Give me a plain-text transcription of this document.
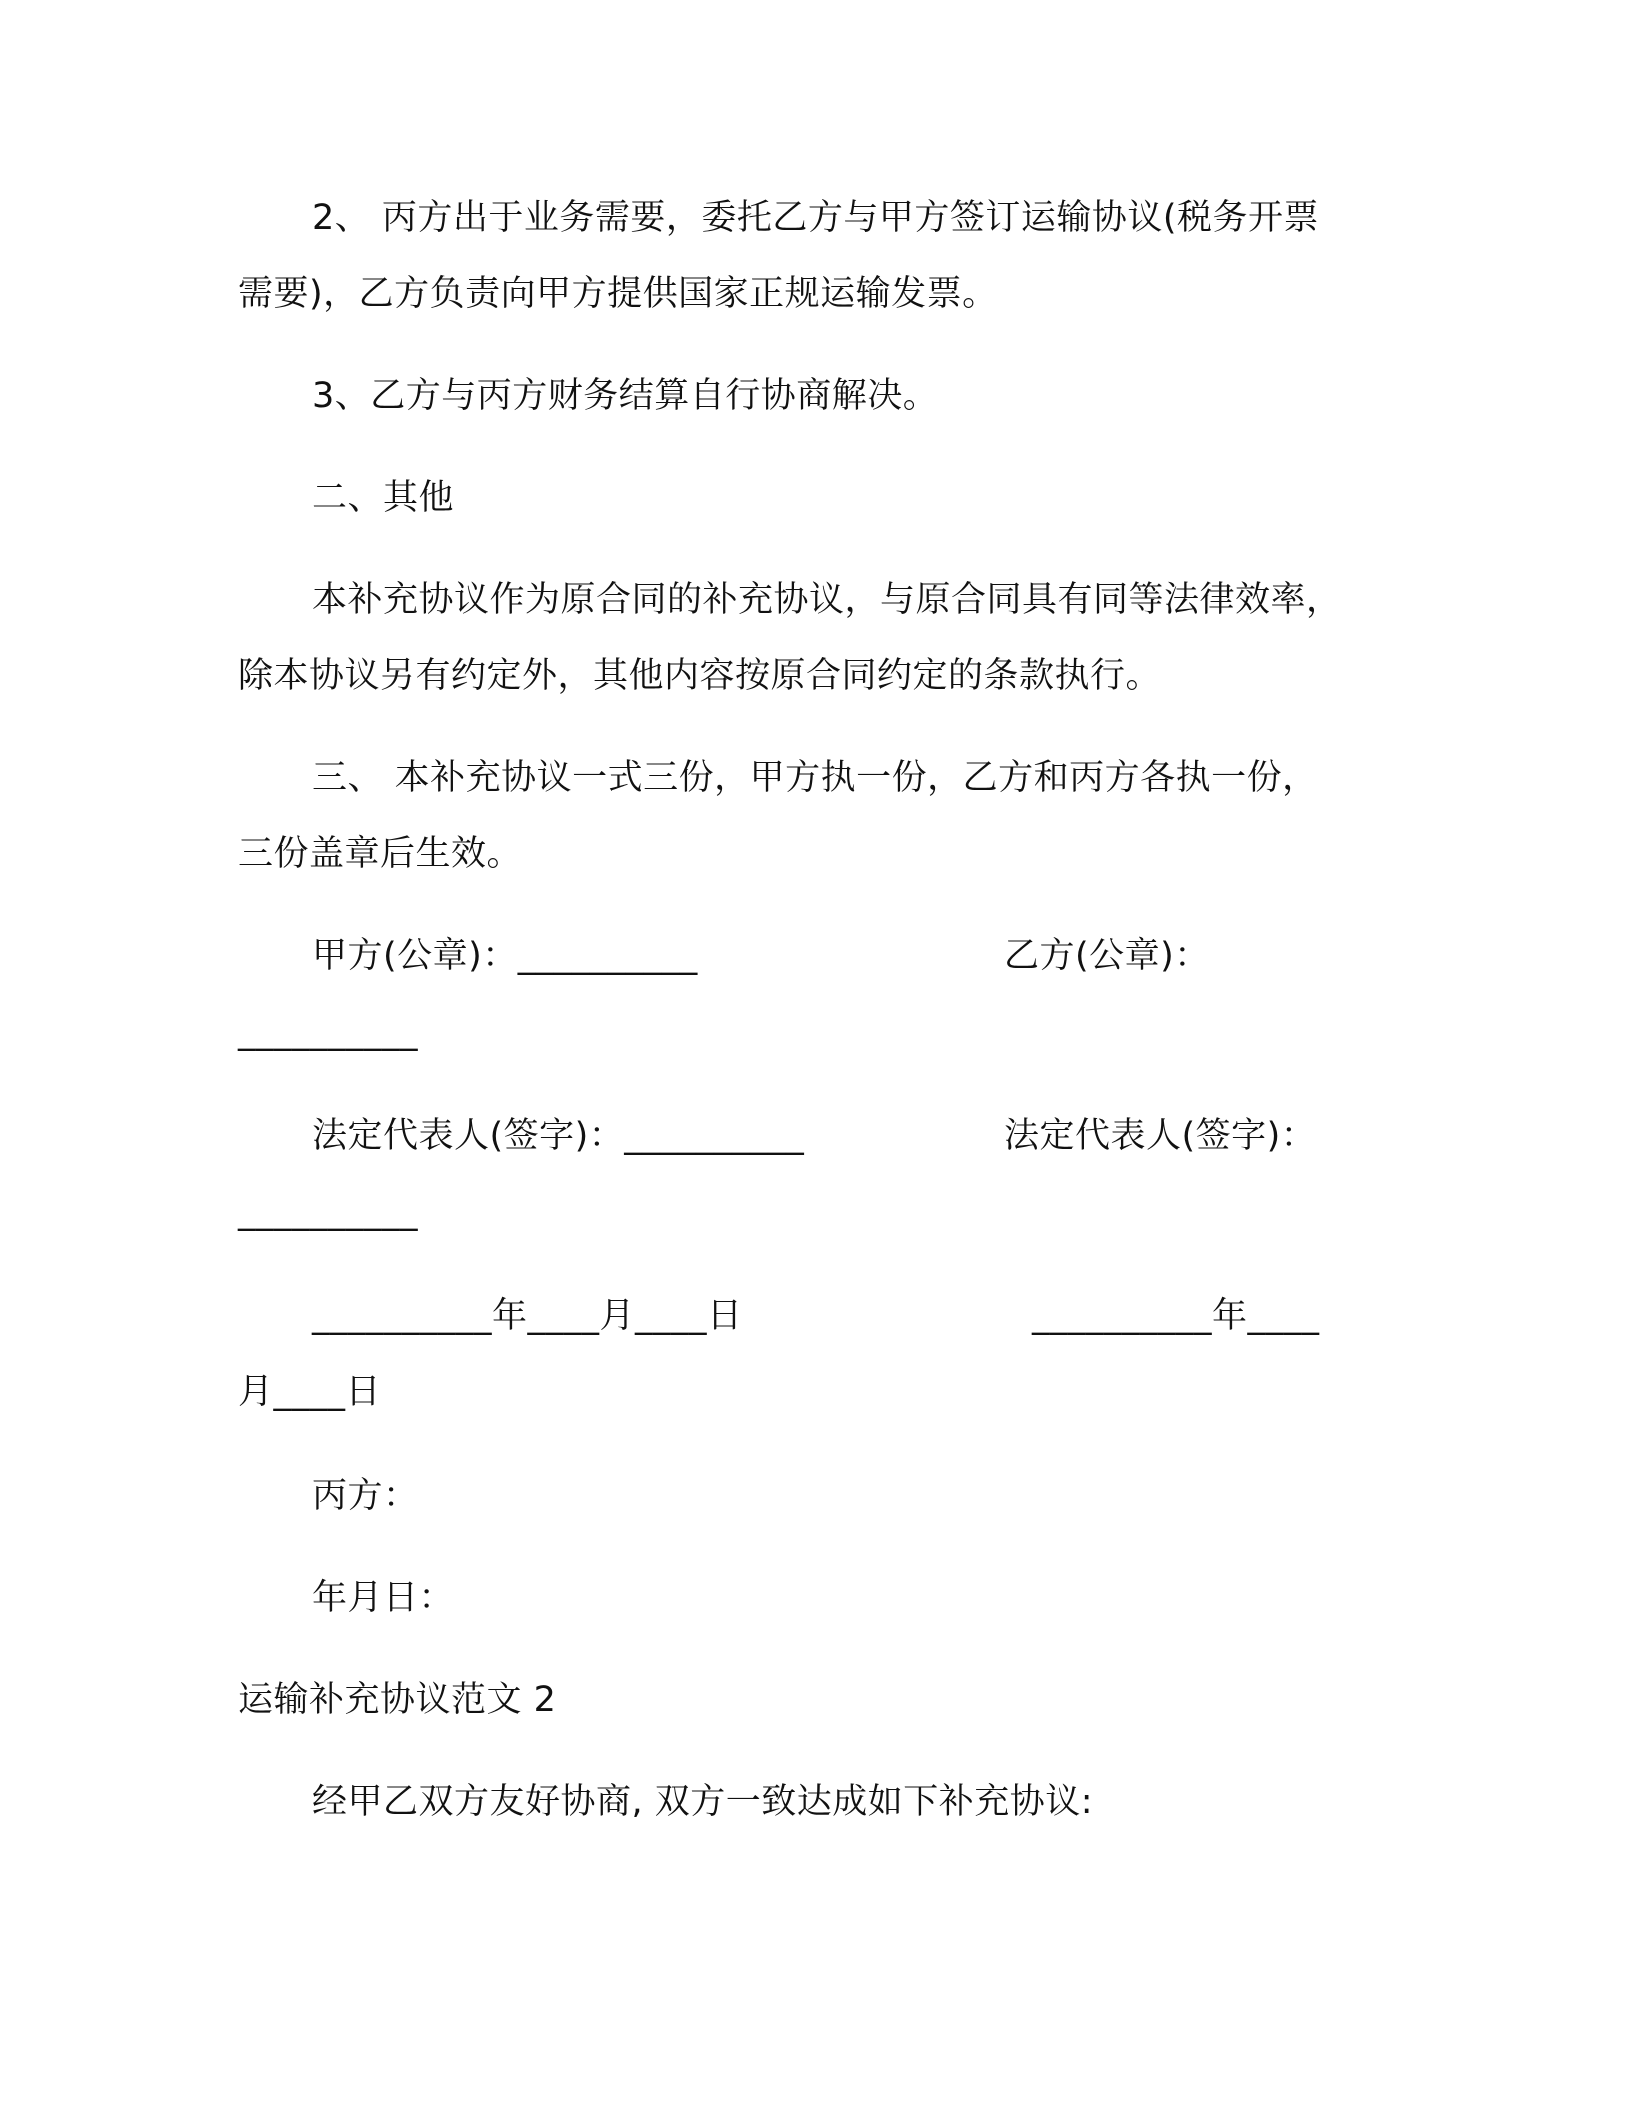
2、 丙方出于业务需要，委托乙方与甲方签订运输协议(税务开票
需要)，乙方负责向甲方提供国家正规运输发票。
3、乙方与丙方财务结算自行协商解决。
二、其他
本补充协议作为原合同的补充协议，与原合同具有同等法律效率，
除本协议另有约定外，其他内容按原合同约定的条款执行。
三、 本补充协议一式三份，甲方执一份，乙方和丙方各执一份，
三份盖章后生效。
甲方(公章)：__________	乙方(公章)：
__________
法定代表人(签字)：__________	法定代表人(签字)：
__________
__________年____月____日	__________年____
月____日
丙方：
年月日：
运输补充协议范文 2
经甲乙双方友好协商, 双方一致达成如下补充协议:
